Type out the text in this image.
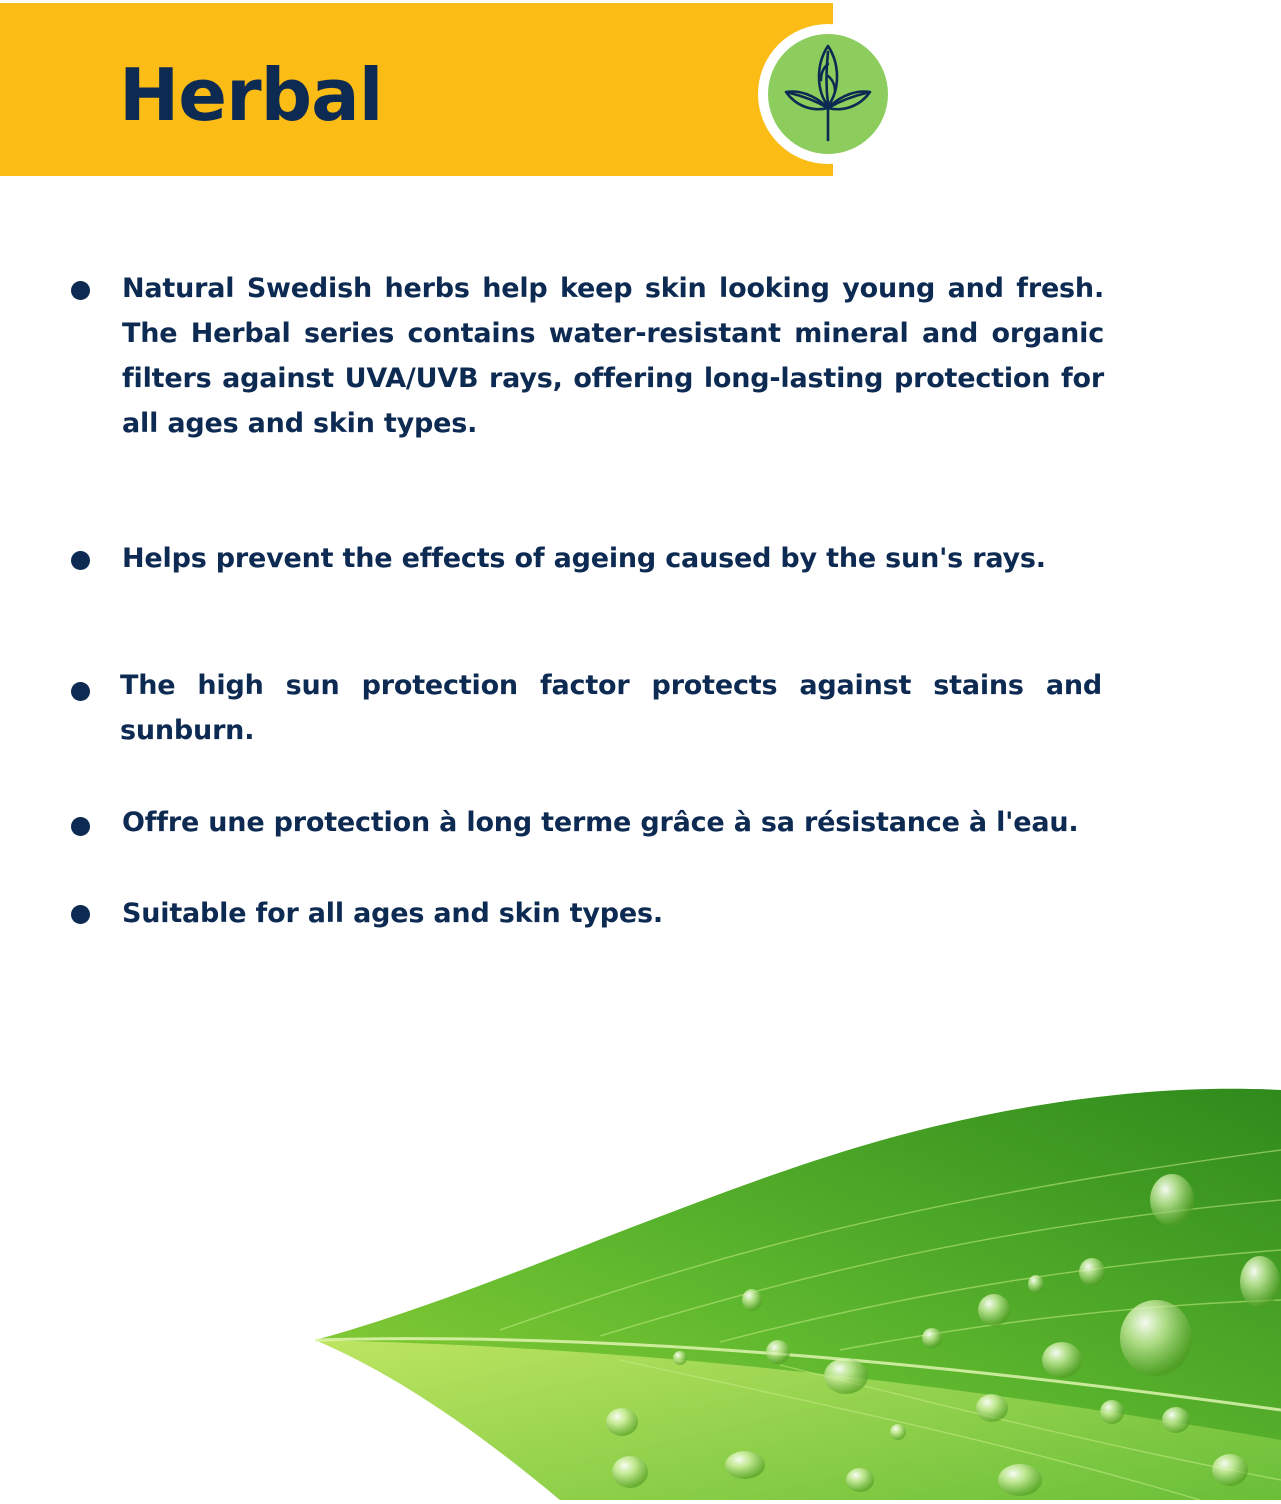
Herbal

Natural Swedish herbs help keep skin looking young and fresh. The Herbal series contains water-resistant mineral and organic filters against UVA/UVB rays, offering long-lasting protection for all ages and skin types.

Helps prevent the effects of ageing caused by the sun's rays.

The high sun protection factor protects against stains and sunburn.

Offre une protection à long terme grâce à sa résistance à l'eau.

Suitable for all ages and skin types.
